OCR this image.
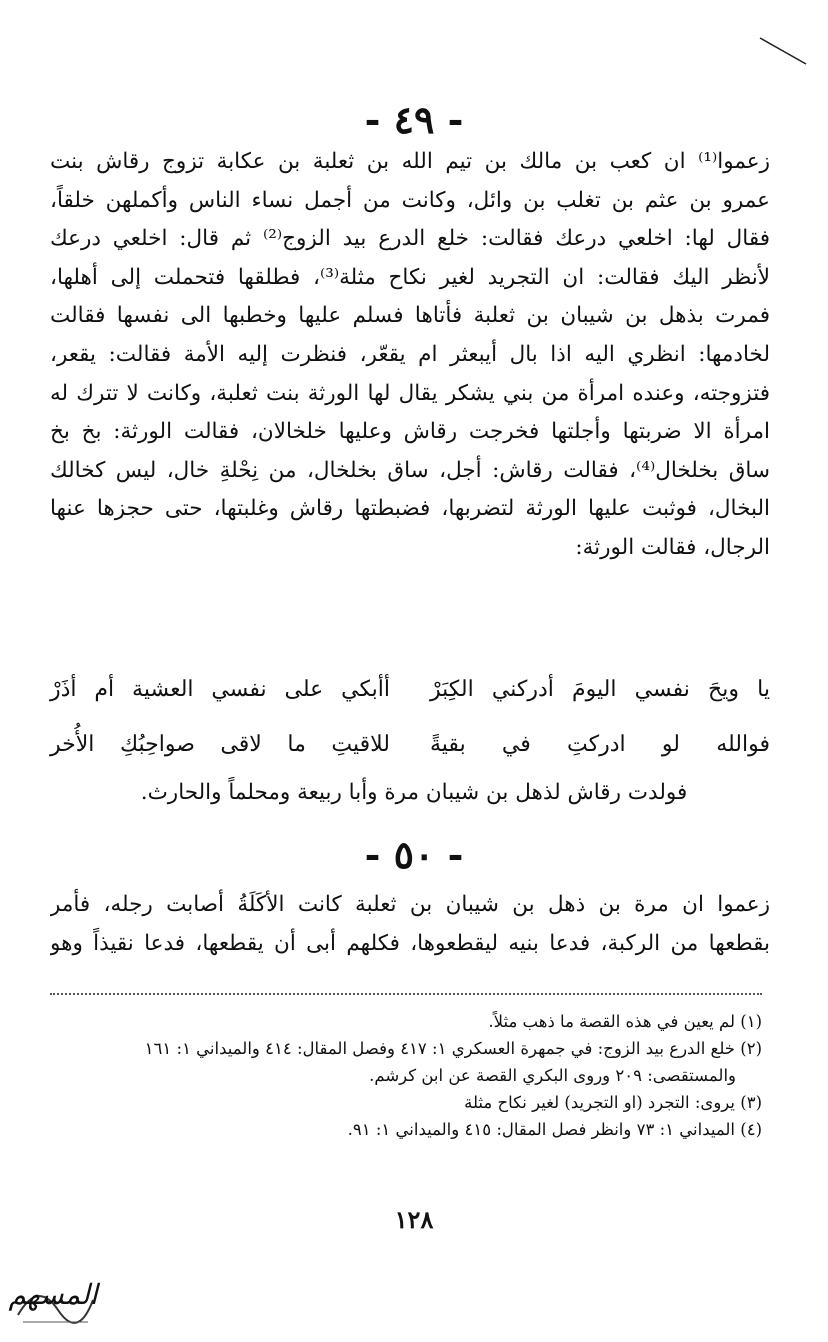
- ٤٩ -
زعموا⁽¹⁾ ان كعب بن مالك بن تيم الله بن ثعلبة بن عكابة تزوج رقاش بنت
عمرو بن عثم بن تغلب بن وائل، وكانت من أجمل نساء الناس وأكملهن خلقاً،
فقال لها: اخلعي درعك فقالت: خلع الدرع بيد الزوج⁽²⁾ ثم قال: اخلعي درعك
لأنظر اليك فقالت: ان التجريد لغير نكاح مثلة⁽³⁾، فطلقها فتحملت إلى أهلها،
فمرت بذهل بن شيبان بن ثعلبة فأتاها فسلم عليها وخطبها الى نفسها فقالت
لخادمها: انظري اليه اذا بال أيبعثر ام يقعّر، فنظرت إليه الأمة فقالت: يقعر،
فتزوجته، وعنده امرأة من بني يشكر يقال لها الورثة بنت ثعلبة، وكانت لا تترك له
امرأة الا ضربتها وأجلتها فخرجت رقاش وعليها خلخالان، فقالت الورثة: بخ بخ
ساق بخلخال⁽⁴⁾، فقالت رقاش: أجل، ساق بخلخال، من نِحْلةِ خال، ليس كخالك
البخال، فوثبت عليها الورثة لتضربها، فضبطتها رقاش وغلبتها، حتى حجزها عنها
الرجال، فقالت الورثة:
يا ويحَ نفسي اليومَ أدركني الكِبَرْ
أأبكي على نفسي العشية أم أذَرْ
فوالله لو ادركتِ في بقيةً
للاقيتِ ما لاقى صواحِبُكِ الأُخر
فولدت رقاش لذهل بن شيبان مرة وأبا ربيعة ومحلماً والحارث.
- ٥٠ -
زعموا ان مرة بن ذهل بن شيبان بن ثعلبة كانت الأكَلَةُ أصابت رجله، فأمر
بقطعها من الركبة، فدعا بنيه ليقطعوها، فكلهم أبى أن يقطعها، فدعا نقيذاً وهو
(١) لم يعين في هذه القصة ما ذهب مثلاً.
(٢) خلع الدرع بيد الزوج: في جمهرة العسكري ١: ٤١٧ وفصل المقال: ٤١٤ والميداني ١: ١٦١
والمستقصى: ٢٠٩ وروى البكري القصة عن ابن كرشم.
(٣) يروى: التجرد (او التجريد) لغير نكاح مثلة
(٤) الميداني ١: ٧٣ وانظر فصل المقال: ٤١٥ والميداني ١: ٩١.
١٢٨
المسهم
